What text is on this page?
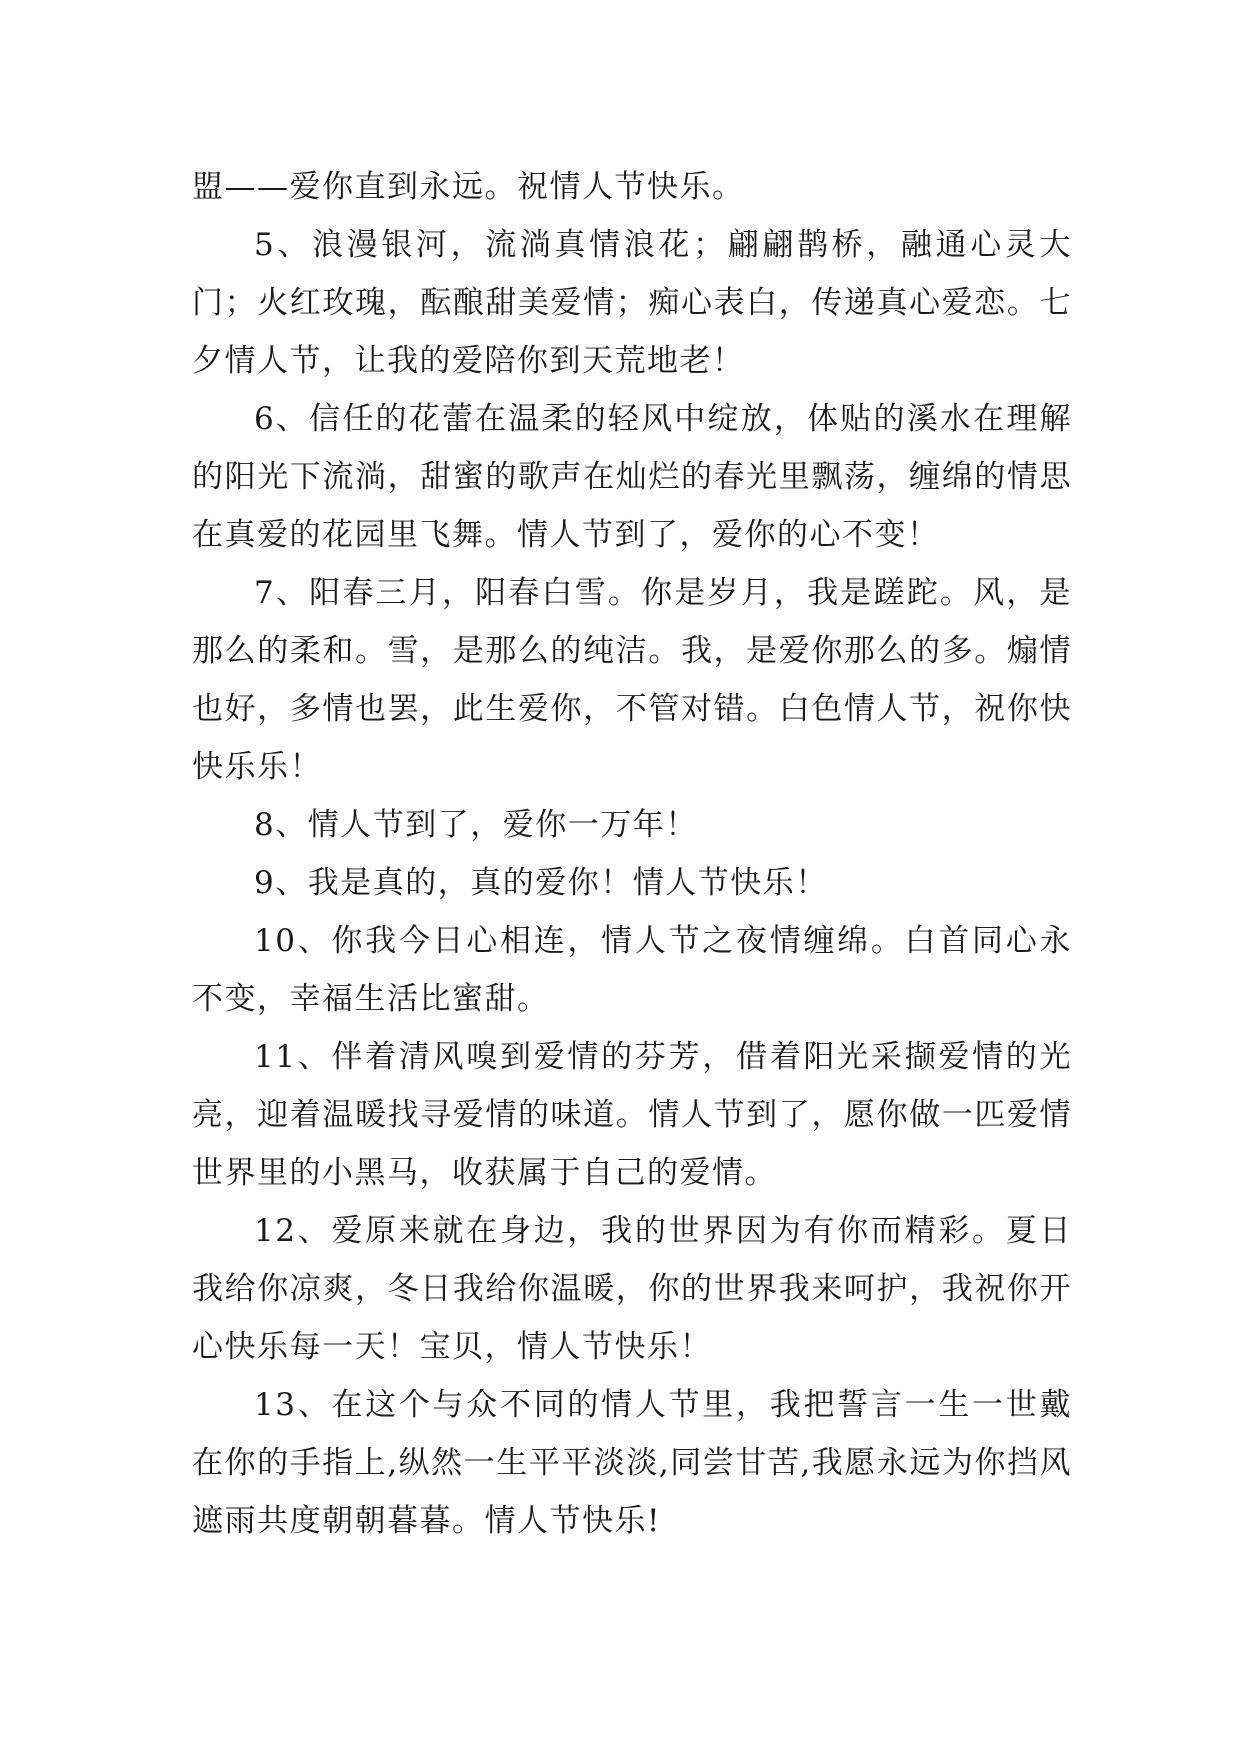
盟——爱你直到永远。祝情人节快乐。

5、浪漫银河，流淌真情浪花；翩翩鹊桥，融通心灵大门；火红玫瑰，酝酿甜美爱情；痴心表白，传递真心爱恋。七夕情人节，让我的爱陪你到天荒地老！

6、信任的花蕾在温柔的轻风中绽放，体贴的溪水在理解的阳光下流淌，甜蜜的歌声在灿烂的春光里飘荡，缠绵的情思在真爱的花园里飞舞。情人节到了，爱你的心不变！

7、阳春三月，阳春白雪。你是岁月，我是蹉跎。风，是那么的柔和。雪，是那么的纯洁。我，是爱你那么的多。煽情也好，多情也罢，此生爱你，不管对错。白色情人节，祝你快快乐乐！

8、情人节到了，爱你一万年！

9、我是真的，真的爱你！情人节快乐！

10、你我今日心相连，情人节之夜情缠绵。白首同心永不变，幸福生活比蜜甜。

11、伴着清风嗅到爱情的芬芳，借着阳光采撷爱情的光亮，迎着温暖找寻爱情的味道。情人节到了，愿你做一匹爱情世界里的小黑马，收获属于自己的爱情。

12、爱原来就在身边，我的世界因为有你而精彩。夏日我给你凉爽，冬日我给你温暖，你的世界我来呵护，我祝你开心快乐每一天！宝贝，情人节快乐！

13、在这个与众不同的情人节里，我把誓言一生一世戴在你的手指上,纵然一生平平淡淡,同尝甘苦,我愿永远为你挡风遮雨共度朝朝暮暮。情人节快乐!
